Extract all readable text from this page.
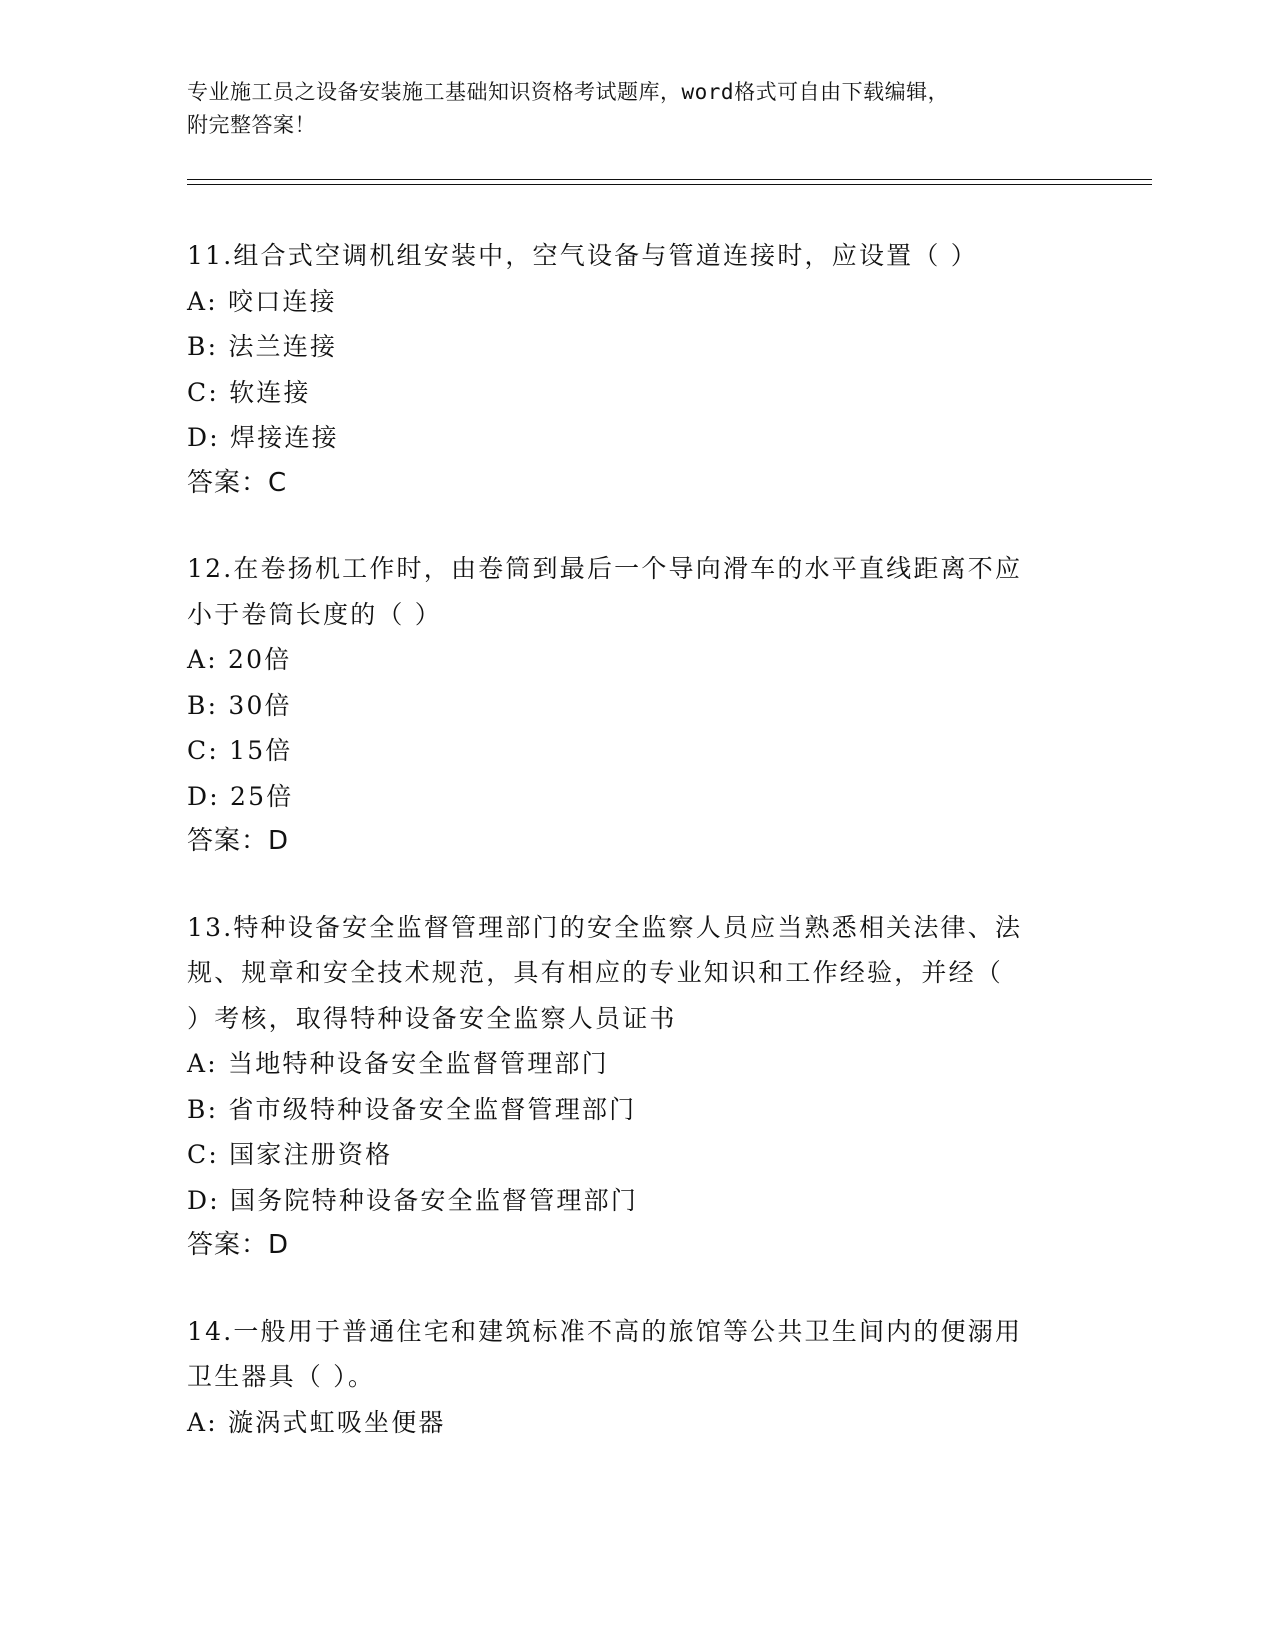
专业施工员之设备安装施工基础知识资格考试题库，word格式可自由下载编辑，
附完整答案！
11.组合式空调机组安装中，空气设备与管道连接时，应设置（ ）
A: 咬口连接
B: 法兰连接
C: 软连接
D: 焊接连接
答案：C
12.在卷扬机工作时，由卷筒到最后一个导向滑车的水平直线距离不应
小于卷筒长度的（ ）
A: 20倍
B: 30倍
C: 15倍
D: 25倍
答案：D
13.特种设备安全监督管理部门的安全监察人员应当熟悉相关法律、法
规、规章和安全技术规范，具有相应的专业知识和工作经验，并经（
）考核，取得特种设备安全监察人员证书
A: 当地特种设备安全监督管理部门
B: 省市级特种设备安全监督管理部门
C: 国家注册资格
D: 国务院特种设备安全监督管理部门
答案：D
14.一般用于普通住宅和建筑标准不高的旅馆等公共卫生间内的便溺用
卫生器具（ ）。
A: 漩涡式虹吸坐便器
